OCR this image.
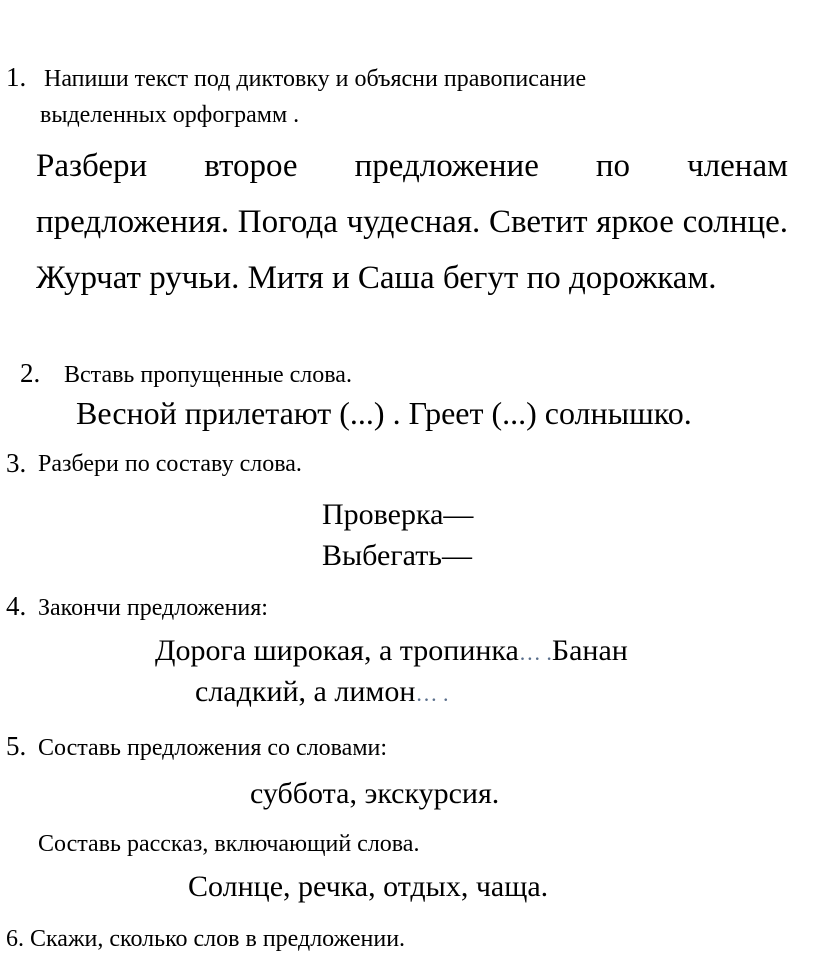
1. Напиши текст под диктовку и объясни правописание
выделенных орфограмм .
Разбери второе предложение по членам предложения. Погода чудесная. Светит яркое солнце. Журчат ручьи. Митя и Саша бегут по дорожкам.
2. Вставь пропущенные слова.
Весной прилетают (...) . Греет (...) солнышко.
3. Разбери по составу слова.
Проверка—
Выбегать—
4. Закончи предложения:
Дорога широкая, а тропинка… .Банан
сладкий, а лимон… .
5. Составь предложения со словами:
суббота, экскурсия.
Составь рассказ, включающий слова.
Солнце, речка, отдых, чаща.
6. Скажи, сколько слов в предложении.
